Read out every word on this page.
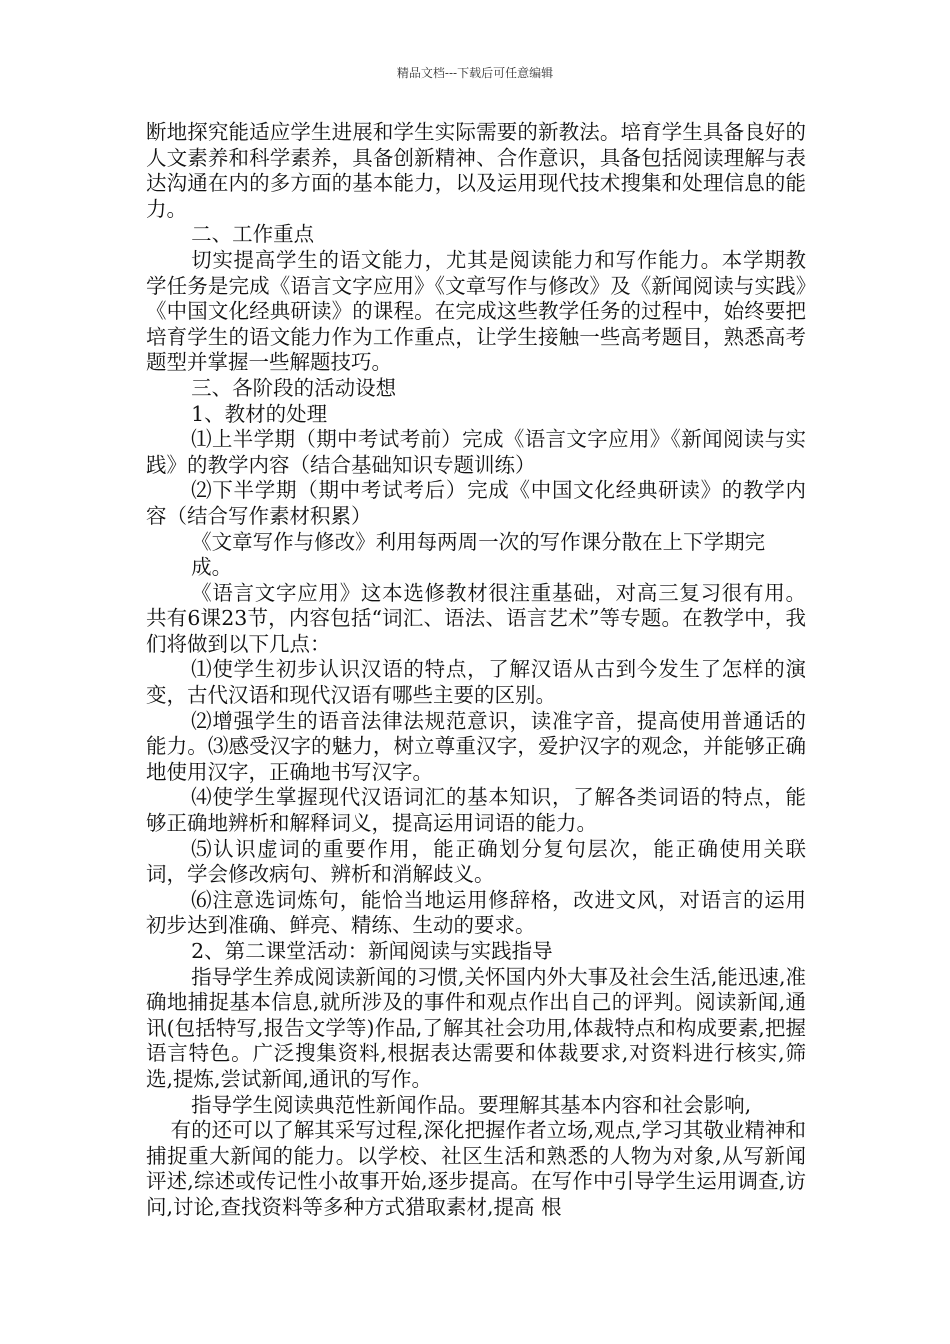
精品文档---下载后可任意编辑

断地探究能适应学生进展和学生实际需要的新教法。培育学生具备良好的人文素养和科学素养，具备创新精神、合作意识，具备包括阅读理解与表达沟通在内的多方面的基本能力，以及运用现代技术搜集和处理信息的能力。

二、工作重点

切实提高学生的语文能力，尤其是阅读能力和写作能力。本学期教学任务是完成《语言文字应用》《文章写作与修改》及《新闻阅读与实践》《中国文化经典研读》的课程。在完成这些教学任务的过程中，始终要把培育学生的语文能力作为工作重点，让学生接触一些高考题目，熟悉高考题型并掌握一些解题技巧。

三、各阶段的活动设想

1、教材的处理

⑴上半学期（期中考试考前）完成《语言文字应用》《新闻阅读与实践》的教学内容（结合基础知识专题训练）

⑵下半学期（期中考试考后）完成《中国文化经典研读》的教学内容（结合写作素材积累）

《文章写作与修改》利用每两周一次的写作课分散在上下学期完

成。

《语言文字应用》这本选修教材很注重基础，对高三复习很有用。共有6课23节，内容包括“词汇、语法、语言艺术”等专题。在教学中，我们将做到以下几点：

⑴使学生初步认识汉语的特点，了解汉语从古到今发生了怎样的演变，古代汉语和现代汉语有哪些主要的区别。

⑵增强学生的语音法律法规范意识，读准字音，提高使用普通话的能力。⑶感受汉字的魅力，树立尊重汉字，爱护汉字的观念，并能够正确地使用汉字，正确地书写汉字。

⑷使学生掌握现代汉语词汇的基本知识，了解各类词语的特点，能够正确地辨析和解释词义，提高运用词语的能力。

⑸认识虚词的重要作用，能正确划分复句层次，能正确使用关联词，学会修改病句、辨析和消解歧义。

⑹注意选词炼句，能恰当地运用修辞格，改进文风，对语言的运用初步达到准确、鲜亮、精练、生动的要求。

2、第二课堂活动：新闻阅读与实践指导

指导学生养成阅读新闻的习惯,关怀国内外大事及社会生活,能迅速,准确地捕捉基本信息,就所涉及的事件和观点作出自己的评判。阅读新闻,通讯(包括特写,报告文学等)作品,了解其社会功用,体裁特点和构成要素,把握语言特色。广泛搜集资料,根据表达需要和体裁要求,对资料进行核实,筛选,提炼,尝试新闻,通讯的写作。

指导学生阅读典范性新闻作品。要理解其基本内容和社会影响,

有的还可以了解其采写过程,深化把握作者立场,观点,学习其敬业精神和捕捉重大新闻的能力。以学校、社区生活和熟悉的人物为对象,从写新闻评述,综述或传记性小故事开始,逐步提高。在写作中引导学生运用调查,访问,讨论,查找资料等多种方式猎取素材,提高 根
